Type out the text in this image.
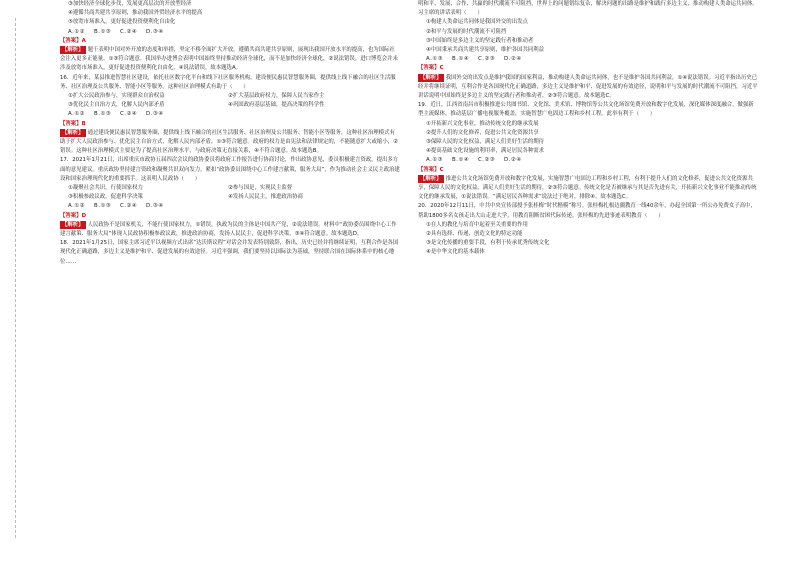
③加快经济全球化步伐，发展更高层次的开放型经济

④遵循共商共建共享原则，推动我国外贸经济水平的提高

⑤放宽市场准入，更好促进投资便利化自由化

A.①② B.①③ C.②④ D.③④

【答案】A

【解析】 题干表明中国对外开放的态度和举措，坚定不移全面扩大开放，遵循共商共建共享原则，展现出我国开放水平的提高，也为国际社会注入更多正能量，①③符合题意。我国举办进博会表明中国始终坚持推动经济全球化，而不是加快经济全球化，②说法错误。进口博览会并未涉及放宽市场准入，更好促进投资便利化自由化，④说法错误。故本题选A。

16．近年来，某县推进智慧社区建设，依托社区数字化平台和线下社区服务机构，建设便民惠民智慧服务圈，提供线上线下融合的社区生活服务、社区治理及公共服务、智能小区等服务。这种社区治理模式有助于（　　）

①扩大公民政治参与，实现群众自治权益	②扩大基层政府权力，保障人民当家作主

③优化民主自治方式，化解人民内部矛盾	④巩固政府基层基础，提高决策的科学性

A.①② B.①③ C.②④ D.③④

【答案】B

【解析】 通过建设便民惠民智慧服务圈，提供线上线下融合的社区生活服务、社区治理及公共服务、智能小区等服务，这种社区治理模式有助于扩大人民政治参与、优化民主自治方式，化解人民内部矛盾，①③符合题意。政府的权力是由宪法和法律规定的，不能随意扩大或缩小，②错误。这种社区治理模式主要是为了提高社区治理水平，与政府决策无直接关系，④不符合题意。故本题选B。

17．2021年1月21日，出席重庆市政协五届四次会议的政协委员将政府工作报告进行协商讨论，作出政协意见，委员积极建言资政，提出多方面的意见建议。重庆政协坚持建言资政和凝聚共识双向发力，紧扣“政协委员围绕中心工作建言献策，服务大局”，作为推动社会主义民主政治建设和国家治理现代化的重要抓手。这表明人民政协（　　）

①凝聚社会共识，行使国家权力	②参与国是，实现民主监督

③积极参政议政，促进科学决策	④发扬人民民主，推进政治协商

A.①② B.①③ C.②④ D.③④

【答案】D

【解析】 人民政协不是国家机关，不能行使国家权力，①错误。执政为民的主体是中国共产党，②说法错误。材料中“政协委员围绕中心工作建言献策、服务大局”体现人民政协积极参政议政，推进政治协商，发扬人民民主，促进科学决策，③④符合题意。故本题选D。

18．2021年1月25日，国家主席习近平以视频方式出席“达沃斯议程”对话会并发表特别致辞，指出，历史已经并将继续证明，互利合作是各国现代化正确道路，多边主义是维护和平、促进发展的有效途径。习近平强调，我们要坚持以国际法为基础，坚持联合国在国际体系中的核心地位……

明和平、发展、合作、共赢的时代潮流不可阻挡，世界上的问题错综复杂，解决问题的出路是维护和践行多边主义，推动构建人类命运共同体。习主席的讲话表明（　　）

①构建人类命运共同体是我国外交的出发点

②和平与发展的时代潮流不可阻挡

③中国始终是多边主义的坚定践行者和推动者

④中国秉承共商共建共享原则，维护各国共同利益

A.①③ B.①④ C.②③ D.②④

【答案】C

【解析】 我国外交的出发点是维护我国的国家利益，推动构建人类命运共同体，也不是维护各国共同利益，①④说法错误。习近平指出历史已经并将继续证明，互利合作是各国现代化正确道路，多边主义是维护和平、促进发展的有效途径，说明和平与发展的时代潮流不可阻挡，习近平讲话说明中国始终是多边主义的坚定践行者和推动者，②③符合题意。故本题选C。

19．近日，江西省南昌市积极推进公共图书馆、文化馆、美术馆、博物馆等公共文化场馆免费开放和数字化发展，深化媒体深度融合，做强新型主流媒体，推动基层广播电视服务覆盖，实施智慧广电固边工程和乡村工程。此举有利于（　　）

①开拓新兴文化事业，推动传统文化的继承发展

②提升人们的文化修养，促进公共文化资源共享

③保障人民的文化权益，满足人们美好生活的期待

④提高基础文化设施的利用率，满足居民各种需求

A.①③ B.①④ C.②③ D.②④

【答案】C

【解析】 推进公共文化场馆免费开放和数字化发展，实施智慧广电固边工程和乡村工程，有利于提升人们的文化修养，促进公共文化资源共享，保障人民的文化权益，满足人们美好生活的期待，②③符合题意。传统文化是否被继承与其是否先进有关，开拓新兴文化事业不能推动传统文化的继承发展，①说法错误。“满足居民各种需求”说法过于绝对，排除④。故本题选C。

20．2020年12月11日，中共中央宣传部授予张桂梅“时代楷模”称号。张桂梅扎根边疆教育一线40余年，办起全国第一所公办免费女子高中，帮助1800多名女孩走出大山走进大学，用教育阻断贫困代际传递。张桂梅的先进事迹表明教育（　　）

①在人的教化与培育中起着至关重要的作用

②具有选择、传递、创造文化的特定功能

③是文化传播的重要手段，有利于传承优秀传统文化

④是中华文化的基本载体
